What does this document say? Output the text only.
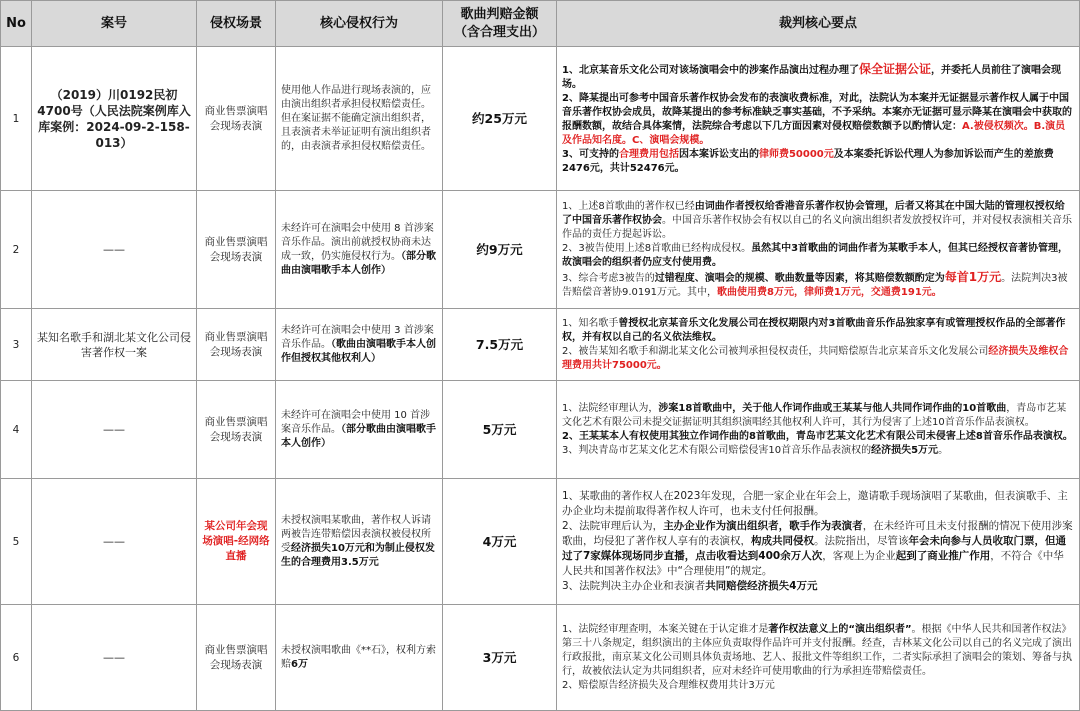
No	案号	侵权场景	核心侵权行为	歌曲判赔金额（含合理支出）	裁判核心要点
1	（2019）川0192民初4700号（人民法院案例库入库案例：2024-09-2-158-013）	商业售票演唱会现场表演	使用他人作品进行现场表演的，应由演出组织者承担侵权赔偿责任。但在案证据不能确定演出组织者，且表演者未举证证明有演出组织者的，由表演者承担侵权赔偿责任。	约25万元	1、北京某音乐文化公司对该场演唱会中的涉案作品演出过程办理了保全证据公证，并委托人员前往了演唱会现场。
2、降某提出可参考中国音乐著作权协会发布的表演收费标准，对此，法院认为本案并无证据显示著作权人属于中国音乐著作权协会成员，故降某提出的参考标准缺乏事实基础，不予采纳。本案亦无证据可显示降某在演唱会中获取的报酬数额，故结合具体案情，法院综合考虑以下几方面因素对侵权赔偿数额予以酌情认定：A.被侵权频次。B.演员及作品知名度。C、演唱会规模。
3、可支持的合理费用包括因本案诉讼支出的律师费50000元及本案委托诉讼代理人为参加诉讼而产生的差旅费2476元，共计52476元。

2	——	商业售票演唱会现场表演	未经许可在演唱会中使用 8 首涉案音乐作品。演出前就授权协商未达成一致，仍实施侵权行为。（部分歌曲由演唱歌手本人创作）	约9万元	1、上述8首歌曲的著作权已经由词曲作者授权给香港音乐著作权协会管理，后者又将其在中国大陆的管理权授权给了中国音乐著作权协会。中国音乐著作权协会有权以自己的名义向演出组织者发放授权许可，并对侵权表演相关音乐作品的责任方提起诉讼。
2、3被告使用上述8首歌曲已经构成侵权。虽然其中3首歌曲的词曲作者为某歌手本人，但其已经授权音著协管理，故演唱会的组织者仍应支付使用费。
3、综合考虑3被告的过错程度、演唱会的规模、歌曲数量等因素，将其赔偿数额酌定为每首1万元。法院判决3被告赔偿音著协9.0191万元。其中，歌曲使用费8万元，律师费1万元，交通费191元。

3	某知名歌手和湖北某文化公司侵害著作权一案	商业售票演唱会现场表演	未经许可在演唱会中使用 3 首涉案音乐作品。（歌曲由演唱歌手本人创作但授权其他权利人）	7.5万元	1、知名歌手曾授权北京某音乐文化发展公司在授权期限内对3首歌曲音乐作品独家享有或管理授权作品的全部著作权，并有权以自己的名义依法维权。
2、被告某知名歌手和湖北某文化公司被判承担侵权责任，共同赔偿原告北京某音乐文化发展公司经济损失及维权合理费用共计75000元。

4	——	商业售票演唱会现场表演	未经许可在演唱会中使用 10 首涉案音乐作品。（部分歌曲由演唱歌手本人创作）	5万元	1、法院经审理认为，涉案18首歌曲中，关于他人作词作曲或王某某与他人共同作词作曲的10首歌曲，青岛市艺某文化艺术有限公司未提交证据证明其组织演唱经其他权利人许可，其行为侵害了上述10首音乐作品表演权。
2、王某某本人有权使用其独立作词作曲的8首歌曲，青岛市艺某文化艺术有限公司未侵害上述8首音乐作品表演权。
3、判决青岛市艺某文化艺术有限公司赔偿侵害10首音乐作品表演权的经济损失5万元。

5	——	某公司年会现场演唱-经网络直播	未授权演唱某歌曲，著作权人诉请两被告连带赔偿因表演权被侵权所受经济损失10万元和为制止侵权发生的合理费用3.5万元	4万元	1、某歌曲的著作权人在2023年发现，合肥一家企业在年会上，邀请歌手现场演唱了某歌曲，但表演歌手、主办企业均未提前取得著作权人许可，也未支付任何报酬。
2、法院审理后认为，主办企业作为演出组织者，歌手作为表演者，在未经许可且未支付报酬的情况下使用涉案歌曲，均侵犯了著作权人享有的表演权，构成共同侵权。法院指出，尽管该年会未向参与人员收取门票，但通过了7家媒体现场同步直播，点击收看达到400余万人次，客观上为企业起到了商业推广作用，不符合《中华人民共和国著作权法》中“合理使用”的规定。
3、法院判决主办企业和表演者共同赔偿经济损失4万元

6	——	商业售票演唱会现场表演	未授权演唱歌曲《**石》，权利方索赔6万	3万元	1、法院经审理查明，本案关键在于认定谁才是著作权法意义上的“演出组织者”。根据《中华人民共和国著作权法》第三十八条规定，组织演出的主体应负责取得作品许可并支付报酬。经查，吉林某文化公司以自己的名义完成了演出行政报批，南京某文化公司则具体负责场地、艺人、报批文件等组织工作，二者实际承担了演唱会的策划、筹备与执行，故被依法认定为共同组织者，应对未经许可使用歌曲的行为承担连带赔偿责任。
2、赔偿原告经济损失及合理维权费用共计3万元
